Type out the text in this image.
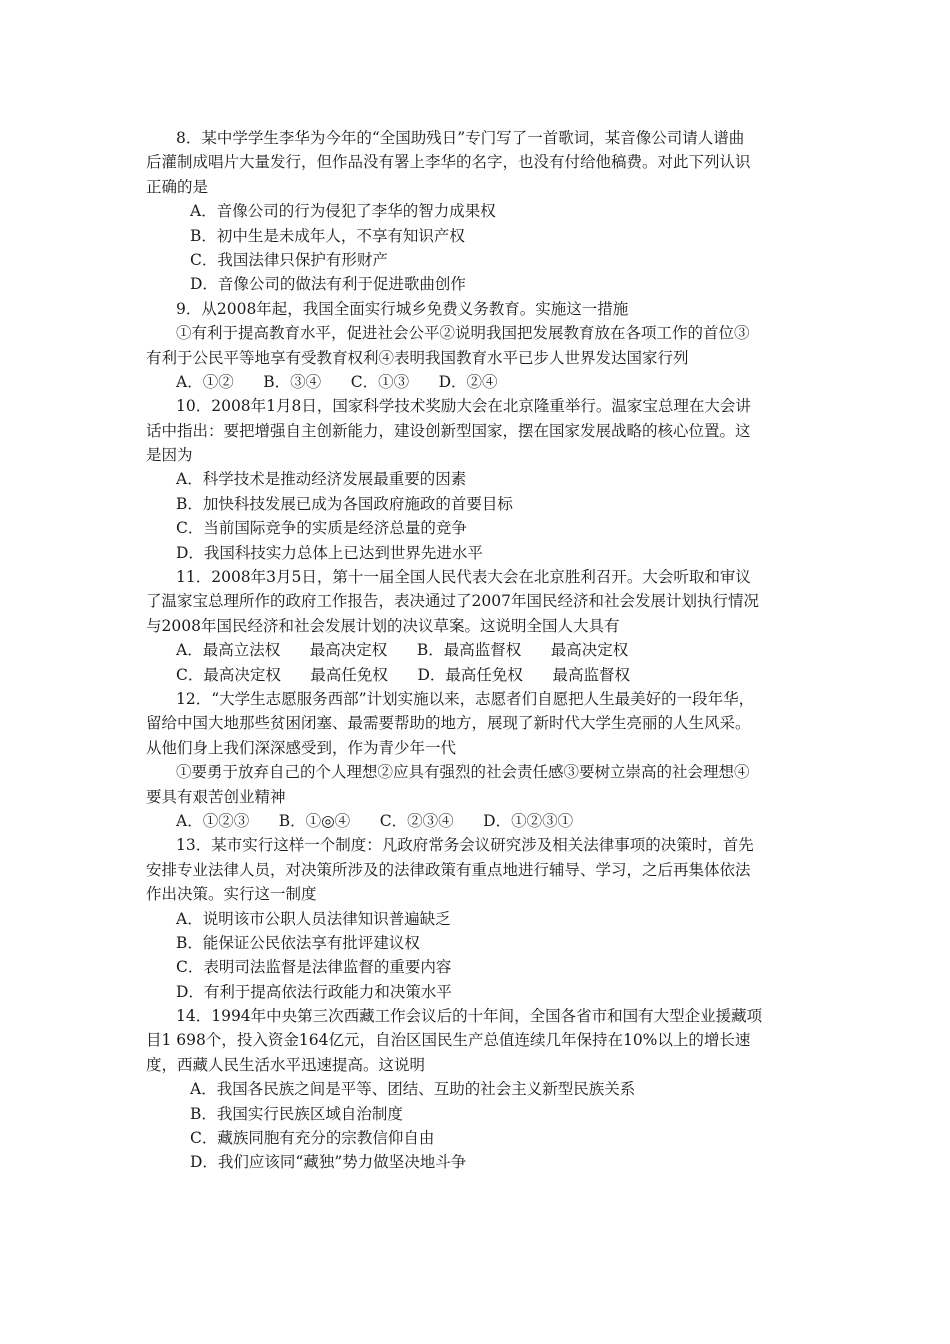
8．某中学学生李华为今年的“全国助残日”专门写了一首歌词，某音像公司请人谱曲
后灌制成唱片大量发行，但作品没有署上李华的名字，也没有付给他稿费。对此下列认识
正确的是
A．音像公司的行为侵犯了李华的智力成果权
B．初中生是未成年人，不享有知识产权
C．我国法律只保护有形财产
D．音像公司的做法有利于促进歌曲创作
9．从2008年起，我国全面实行城乡免费义务教育。实施这一措施
①有利于提高教育水平，促进社会公平②说明我国把发展教育放在各项工作的首位③
有利于公民平等地享有受教育权利④表明我国教育水平已步人世界发达国家行列
A．①②      B．③④      C．①③      D．②④
10．2008年1月8日，国家科学技术奖励大会在北京隆重举行。温家宝总理在大会讲
话中指出：要把增强自主创新能力，建设创新型国家，摆在国家发展战略的核心位置。这
是因为
A．科学技术是推动经济发展最重要的因素
B．加快科技发展已成为各国政府施政的首要目标
C．当前国际竞争的实质是经济总量的竞争
D．我国科技实力总体上已达到世界先进水平
11．2008年3月5日，第十一届全国人民代表大会在北京胜利召开。大会听取和审议
了温家宝总理所作的政府工作报告，表决通过了2007年国民经济和社会发展计划执行情况
与2008年国民经济和社会发展计划的决议草案。这说明全国人大具有
A．最高立法权      最高决定权      B．最高监督权      最高决定权
C．最高决定权      最高任免权      D．最高任免权      最高监督权
12．“大学生志愿服务西部”计划实施以来，志愿者们自愿把人生最美好的一段年华，
留给中国大地那些贫困闭塞、最需要帮助的地方，展现了新时代大学生亮丽的人生风采。
从他们身上我们深深感受到，作为青少年一代
①要勇于放弃自己的个人理想②应具有强烈的社会责任感③要树立崇高的社会理想④
要具有艰苦创业精神
A．①②③      B．①◎④      C．②③④      D．①②③①
13．某市实行这样一个制度：凡政府常务会议研究涉及相关法律事项的决策时，首先
安排专业法律人员，对决策所涉及的法律政策有重点地进行辅导、学习，之后再集体依法
作出决策。实行这一制度
A．说明该市公职人员法律知识普遍缺乏
B．能保证公民依法享有批评建议权
C．表明司法监督是法律监督的重要内容
D．有利于提高依法行政能力和决策水平
14．1994年中央第三次西藏工作会议后的十年间，全国各省市和国有大型企业援藏项
目1 698个，投入资金164亿元，自治区国民生产总值连续几年保持在10%以上的增长速
度，西藏人民生活水平迅速提高。这说明
A．我国各民族之间是平等、团结、互助的社会主义新型民族关系
B．我国实行民族区域自治制度
C．藏族同胞有充分的宗教信仰自由
D．我们应该同“藏独”势力做坚决地斗争
